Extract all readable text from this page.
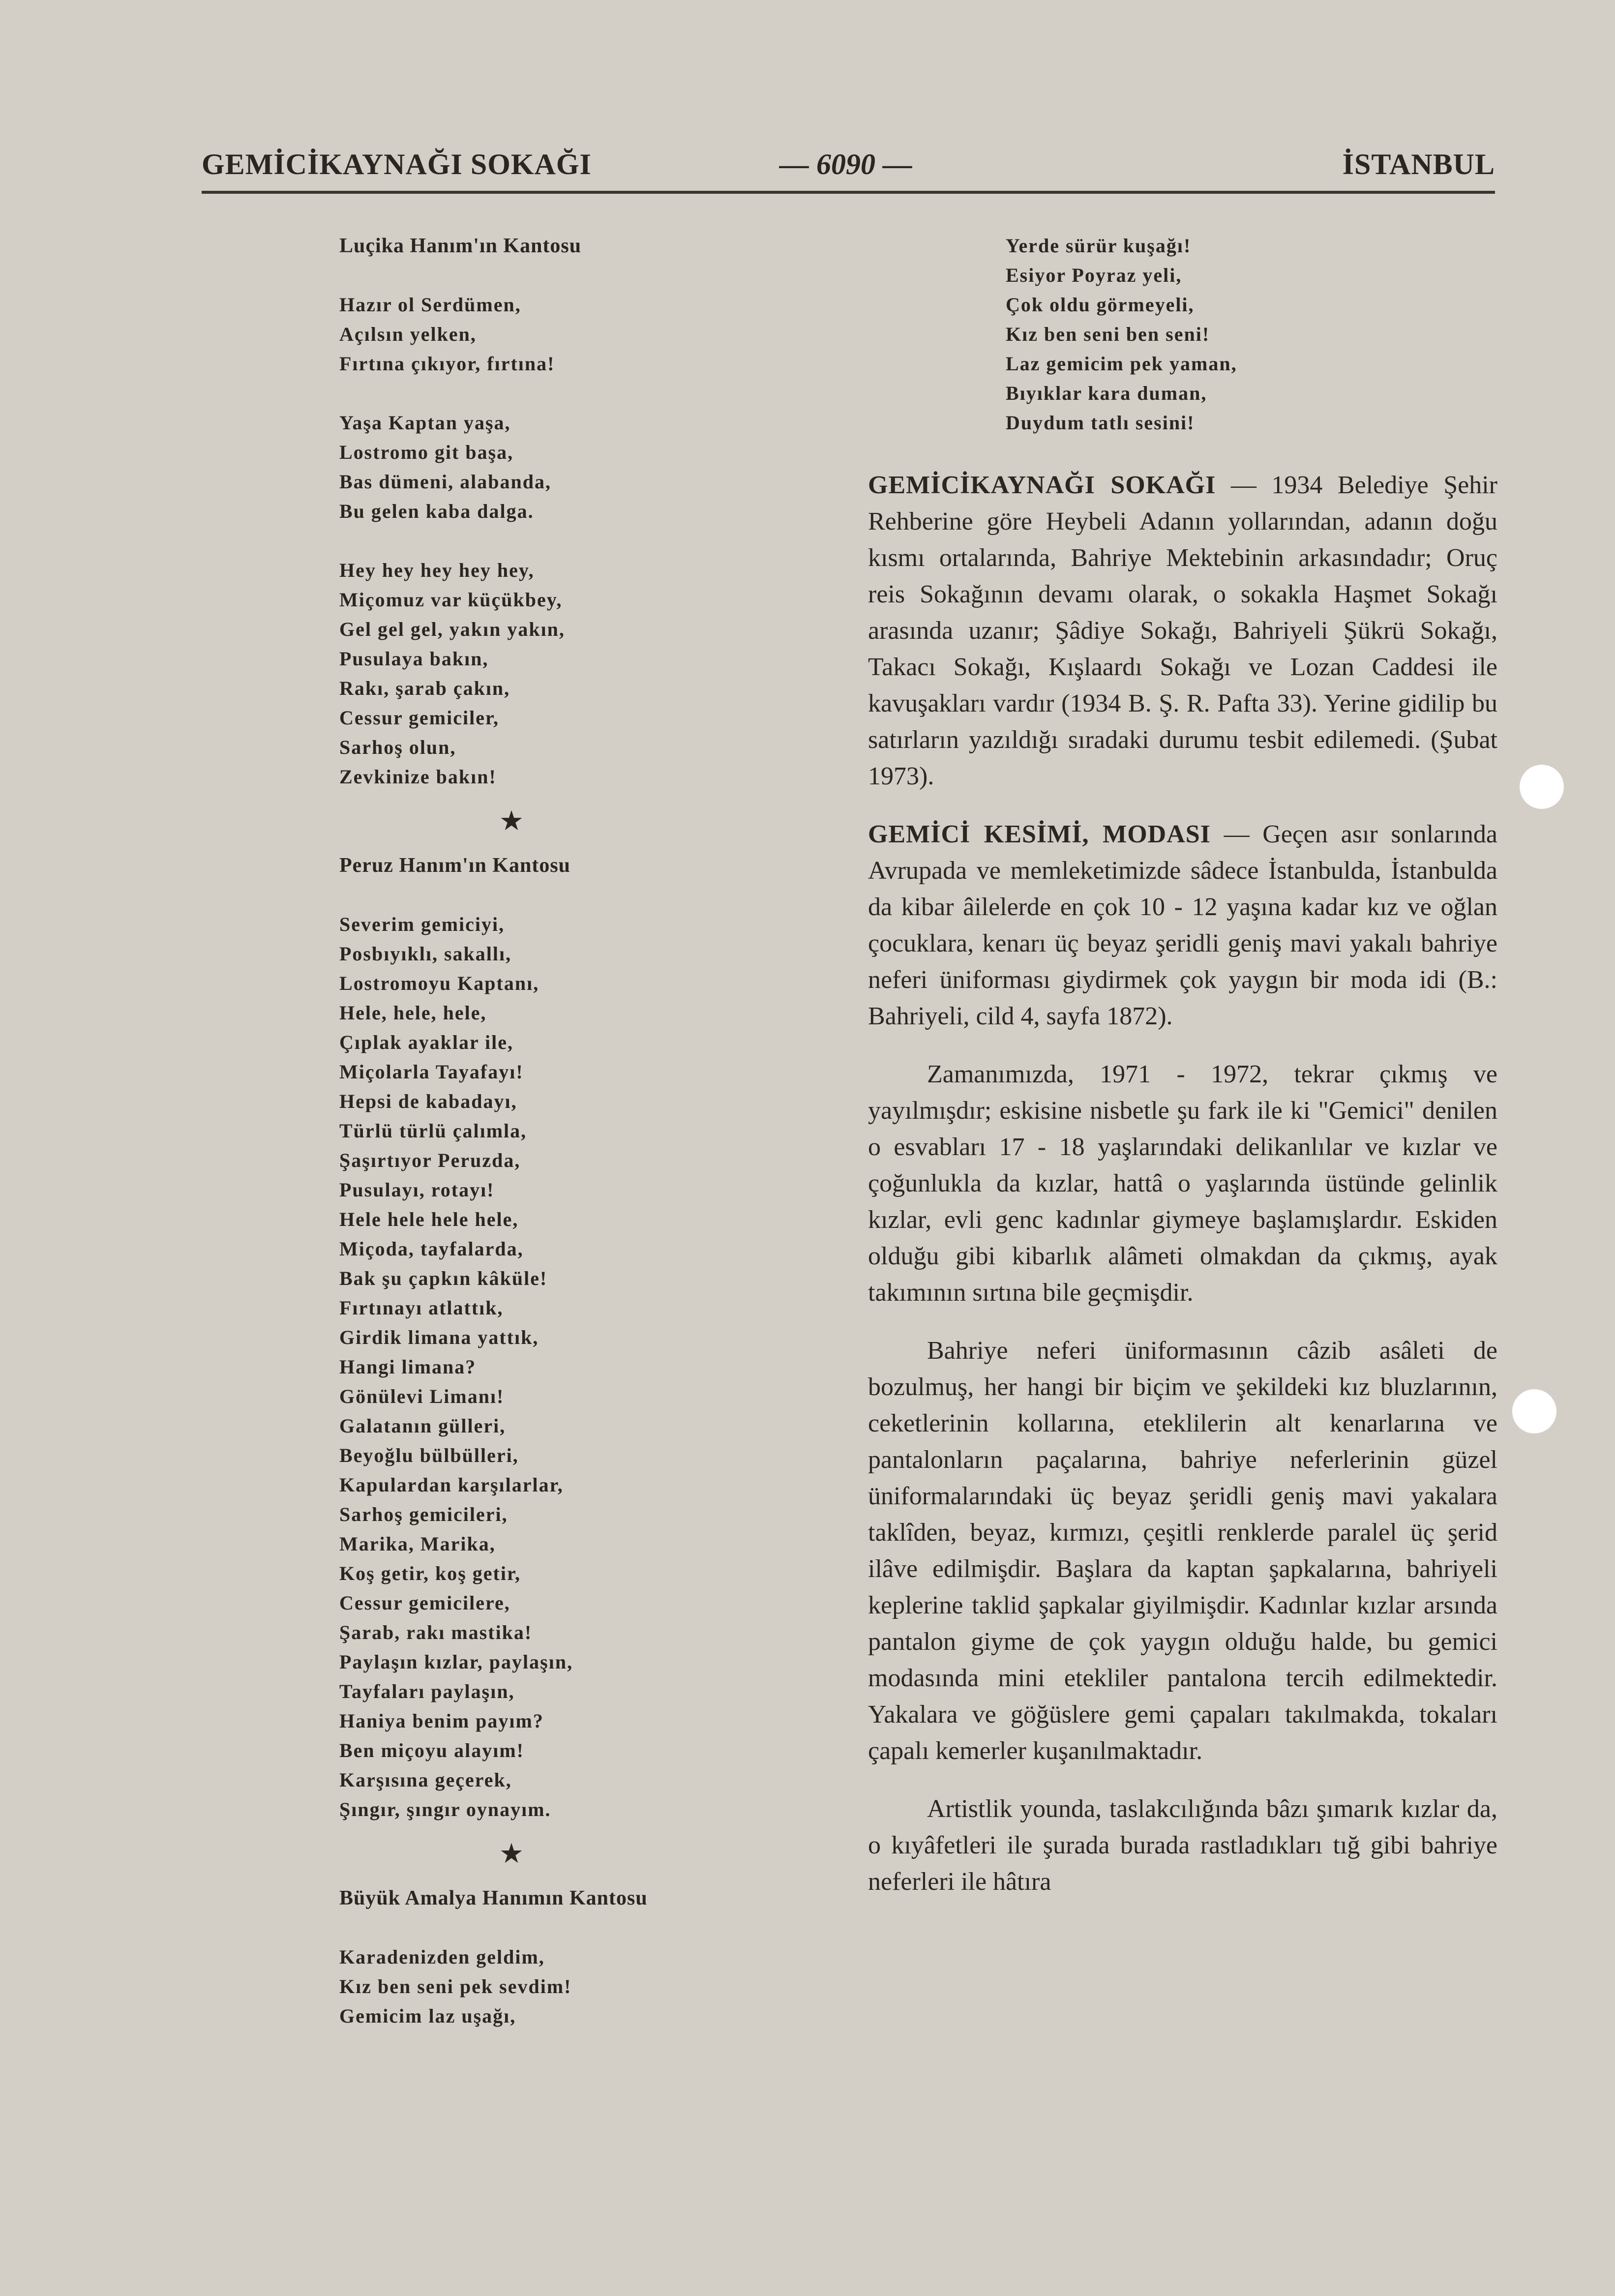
GEMİCİKAYNAĞI SOKAĞI	— 6090 —	İSTANBUL
Luçika Hanım'ın Kantosu
Hazır ol Serdümen,
Açılsın yelken,
Fırtına çıkıyor, fırtına!
Yaşa Kaptan yaşa,
Lostromo git başa,
Bas dümeni, alabanda,
Bu gelen kaba dalga.
Hey hey hey hey hey,
Miçomuz var küçükbey,
Gel gel gel, yakın yakın,
Pusulaya bakın,
Rakı, şarab çakın,
Cessur gemiciler,
Sarhoş olun,
Zevkinize bakın!
★
Peruz Hanım'ın Kantosu
Severim gemiciyi,
Posbıyıklı, sakallı,
Lostromoyu Kaptanı,
Hele, hele, hele,
Çıplak ayaklar ile,
Miçolarla Tayafayı!
Hepsi de kabadayı,
Türlü türlü çalımla,
Şaşırtıyor Peruzda,
Pusulayı, rotayı!
Hele hele hele hele,
Miçoda, tayfalarda,
Bak şu çapkın kâküle!
Fırtınayı atlattık,
Girdik limana yattık,
Hangi limana?
Gönülevi Limanı!
Galatanın gülleri,
Beyoğlu bülbülleri,
Kapulardan karşılarlar,
Sarhoş gemicileri,
Marika, Marika,
Koş getir, koş getir,
Cessur gemicilere,
Şarab, rakı mastika!
Paylaşın kızlar, paylaşın,
Tayfaları paylaşın,
Haniya benim payım?
Ben miçoyu alayım!
Karşısına geçerek,
Şıngır, şıngır oynayım.
★
Büyük Amalya Hanımın Kantosu
Karadenizden geldim,
Kız ben seni pek sevdim!
Gemicim laz uşağı,
Yerde sürür kuşağı!
Esiyor Poyraz yeli,
Çok oldu görmeyeli,
Kız ben seni ben seni!
Laz gemicim pek yaman,
Bıyıklar kara duman,
Duydum tatlı sesini!

GEMİCİKAYNAĞI SOKAĞI — 1934 Belediye Şehir Rehberine göre Heybeli Adanın yollarından, adanın doğu kısmı ortalarında, Bahriye Mektebinin arkasındadır; Oruç reis Sokağının devamı olarak, o sokakla Haşmet Sokağı arasında uzanır; Şâdiye Sokağı, Bahriyeli Şükrü Sokağı, Takacı Sokağı, Kışlaardı Sokağı ve Lozan Caddesi ile kavuşakları vardır (1934 B. Ş. R. Pafta 33). Yerine gidilip bu satırların yazıldığı sıradaki durumu tesbit edilemedi. (Şubat 1973).

GEMİCİ KESİMİ, MODASI — Geçen asır sonlarında Avrupada ve memleketimizde sâdece İstanbulda, İstanbulda da kibar âilelerde en çok 10 - 12 yaşına kadar kız ve oğlan çocuklara, kenarı üç beyaz şeridli geniş mavi yakalı bahriye neferi üniforması giydirmek çok yaygın bir moda idi (B.: Bahriyeli, cild 4, sayfa 1872).

Zamanımızda, 1971 - 1972, tekrar çıkmış ve yayılmışdır; eskisine nisbetle şu fark ile ki "Gemici" denilen o esvabları 17 - 18 yaşlarındaki delikanlılar ve kızlar ve çoğunlukla da kızlar, hattâ o yaşlarında üstünde gelinlik kızlar, evli genc kadınlar giymeye başlamışlardır. Eskiden olduğu gibi kibarlık alâmeti olmakdan da çıkmış, ayak takımının sırtına bile geçmişdir.

Bahriye neferi üniformasının câzib asâleti de bozulmuş, her hangi bir biçim ve şekildeki kız bluzlarının, ceketlerinin kollarına, eteklilerin alt kenarlarına ve pantalonların paçalarına, bahriye neferlerinin güzel üniformalarındaki üç beyaz şeridli geniş mavi yakalara taklîden, beyaz, kırmızı, çeşitli renklerde paralel üç şerid ilâve edilmişdir. Başlara da kaptan şapkalarına, bahriyeli keplerine taklid şapkalar giyilmişdir. Kadınlar kızlar arsında pantalon giyme de çok yaygın olduğu halde, bu gemici modasında mini etekliler pantalona tercih edilmektedir. Yakalara ve göğüslere gemi çapaları takılmakda, tokaları çapalı kemerler kuşanılmaktadır.

Artistlik younda, taslakcılığında bâzı şımarık kızlar da, o kıyâfetleri ile şurada burada rastladıkları tığ gibi bahriye neferleri ile hâtıra
